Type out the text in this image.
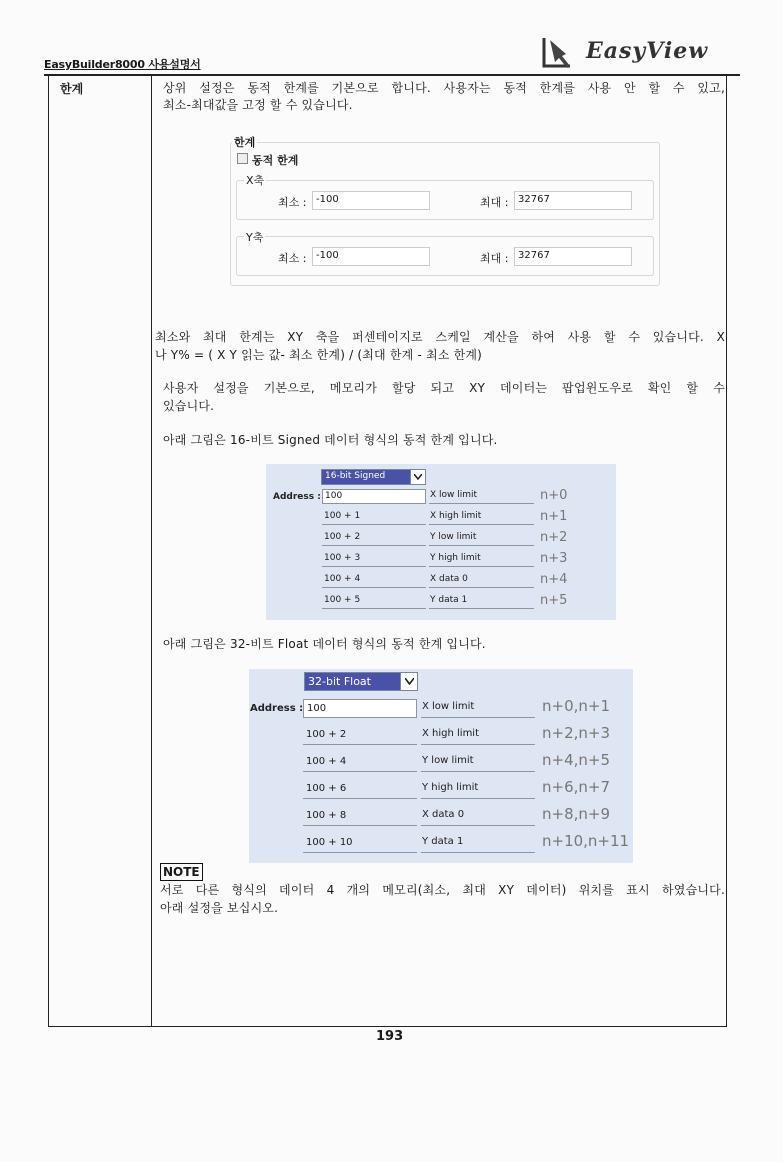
EasyBuilder8000 사용설명서
EasyView
한계	상위 설정은 동적 한계를 기본으로 합니다. 사용자는 동적 한계를 사용 안 할 수 있고,
최소-최대값을 고정 할 수 있습니다.
한계
동적 한계
X축
최소 : -100	최대 : 32767
Y축
최소 : -100	최대 : 32767
최소와 최대 한계는 XY 축을 퍼센테이지로 스케일 계산을 하여 사용 할 수 있습니다. X
나 Y% = ( X Y 읽는 값- 최소 한계) / (최대 한계 - 최소 한계)
사용자 설정을 기본으로, 메모리가 할당 되고 XY 데이터는 팝업윈도우로 확인 할 수
있습니다.
아래 그림은 16-비트 Signed 데이터 형식의 동적 한계 입니다.
16-bit Signed
Address : 100	X low limit	n+0
100 + 1	X high limit	n+1
100 + 2	Y low limit	n+2
100 + 3	Y high limit	n+3
100 + 4	X data 0	n+4
100 + 5	Y data 1	n+5
아래 그림은 32-비트 Float 데이터 형식의 동적 한계 입니다.
32-bit Float
Address : 100	X low limit	n+0,n+1
100 + 2	X high limit	n+2,n+3
100 + 4	Y low limit	n+4,n+5
100 + 6	Y high limit	n+6,n+7
100 + 8	X data 0	n+8,n+9
100 + 10	Y data 1	n+10,n+11
NOTE
서로 다른 형식의 데이터 4 개의 메모리(최소, 최대 XY 데이터) 위치를 표시 하였습니다.
아래 설정을 보십시오.
193
